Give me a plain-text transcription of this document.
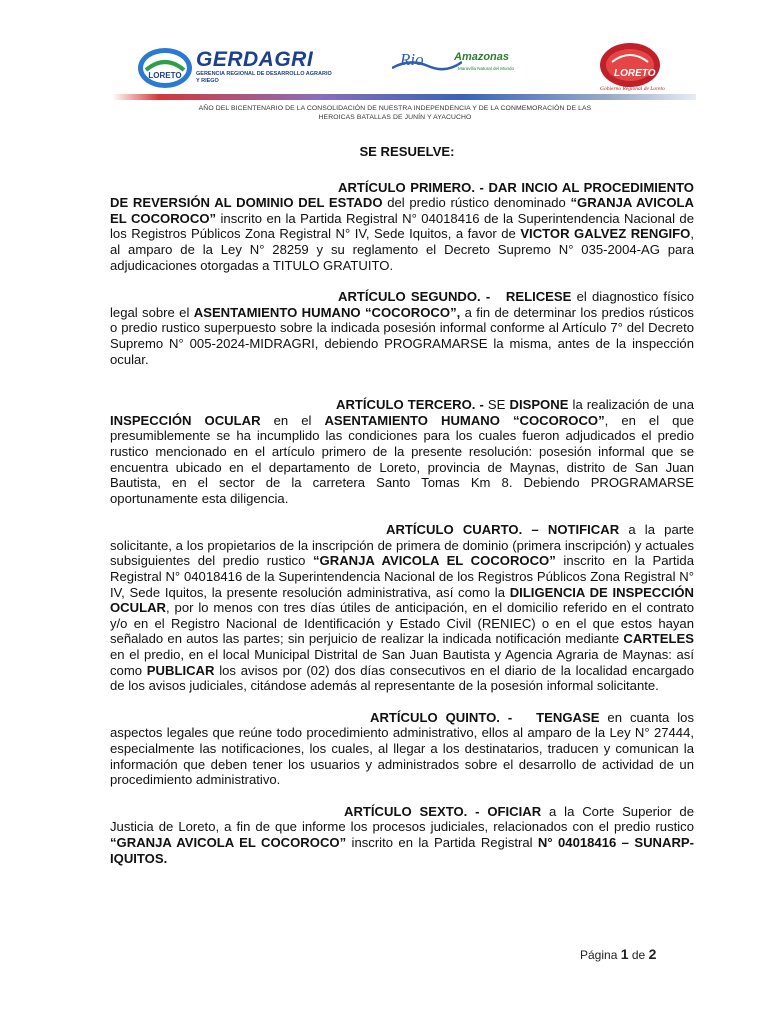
LORETO
GERDAGRI
GERENCIA REGIONAL DE DESARROLLO AGRARIO Y RIEGO
Rio	Amazonas
Maravilla Natural del Mundo	LORETO
Gobierno Regional de Loreto
AÑO DEL BICENTENARIO DE LA CONSOLIDACIÓN DE NUESTRA INDEPENDENCIA Y DE LA CONMEMORACIÓN DE LAS
HEROICAS BATALLAS DE JUNÍN Y AYACUCHO

SE RESUELVE:

ARTÍCULO PRIMERO. - DAR INCIO AL PROCEDIMIENTO DE REVERSIÓN AL DOMINIO DEL ESTADO del predio rústico denominado “GRANJA AVICOLA EL COCOROCO” inscrito en la Partida Registral N° 04018416 de la Superintendencia Nacional de los Registros Públicos Zona Registral N° IV, Sede Iquitos, a favor de VICTOR GALVEZ RENGIFO, al amparo de la Ley N° 28259 y su reglamento el Decreto Supremo N° 035-2004-AG para adjudicaciones otorgadas a TITULO GRATUITO.

ARTÍCULO SEGUNDO. - RELICESE el diagnostico físico legal sobre el ASENTAMIENTO HUMANO “COCOROCO”, a fin de determinar los predios rústicos o predio rustico superpuesto sobre la indicada posesión informal conforme al Artículo 7° del Decreto Supremo N° 005-2024-MIDRAGRI, debiendo PROGRAMARSE la misma, antes de la inspección ocular.

ARTÍCULO TERCERO. - SE DISPONE la realización de una INSPECCIÓN OCULAR en el ASENTAMIENTO HUMANO “COCOROCO”, en el que presumiblemente se ha incumplido las condiciones para los cuales fueron adjudicados el predio rustico mencionado en el artículo primero de la presente resolución: posesión informal que se encuentra ubicado en el departamento de Loreto, provincia de Maynas, distrito de San Juan Bautista, en el sector de la carretera Santo Tomas Km 8. Debiendo PROGRAMARSE oportunamente esta diligencia.

ARTÍCULO CUARTO. – NOTIFICAR a la parte solicitante, a los propietarios de la inscripción de primera de dominio (primera inscripción) y actuales subsiguientes del predio rustico “GRANJA AVICOLA EL COCOROCO” inscrito en la Partida Registral N° 04018416 de la Superintendencia Nacional de los Registros Públicos Zona Registral N° IV, Sede Iquitos, la presente resolución administrativa, así como la DILIGENCIA DE INSPECCIÓN OCULAR, por lo menos con tres días útiles de anticipación, en el domicilio referido en el contrato y/o en el Registro Nacional de Identificación y Estado Civil (RENIEC) o en el que estos hayan señalado en autos las partes; sin perjuicio de realizar la indicada notificación mediante CARTELES en el predio, en el local Municipal Distrital de San Juan Bautista y Agencia Agraria de Maynas: así como PUBLICAR los avisos por (02) dos días consecutivos en el diario de la localidad encargado de los avisos judiciales, citándose además al representante de la posesión informal solicitante.

ARTÍCULO QUINTO. - TENGASE en cuanta los aspectos legales que reúne todo procedimiento administrativo, ellos al amparo de la Ley N° 27444, especialmente las notificaciones, los cuales, al llegar a los destinatarios, traducen y comunican la información que deben tener los usuarios y administrados sobre el desarrollo de actividad de un procedimiento administrativo.

ARTÍCULO SEXTO. - OFICIAR a la Corte Superior de Justicia de Loreto, a fin de que informe los procesos judiciales, relacionados con el predio rustico “GRANJA AVICOLA EL COCOROCO” inscrito en la Partida Registral N° 04018416 – SUNARP-IQUITOS.

Página 1 de 2
